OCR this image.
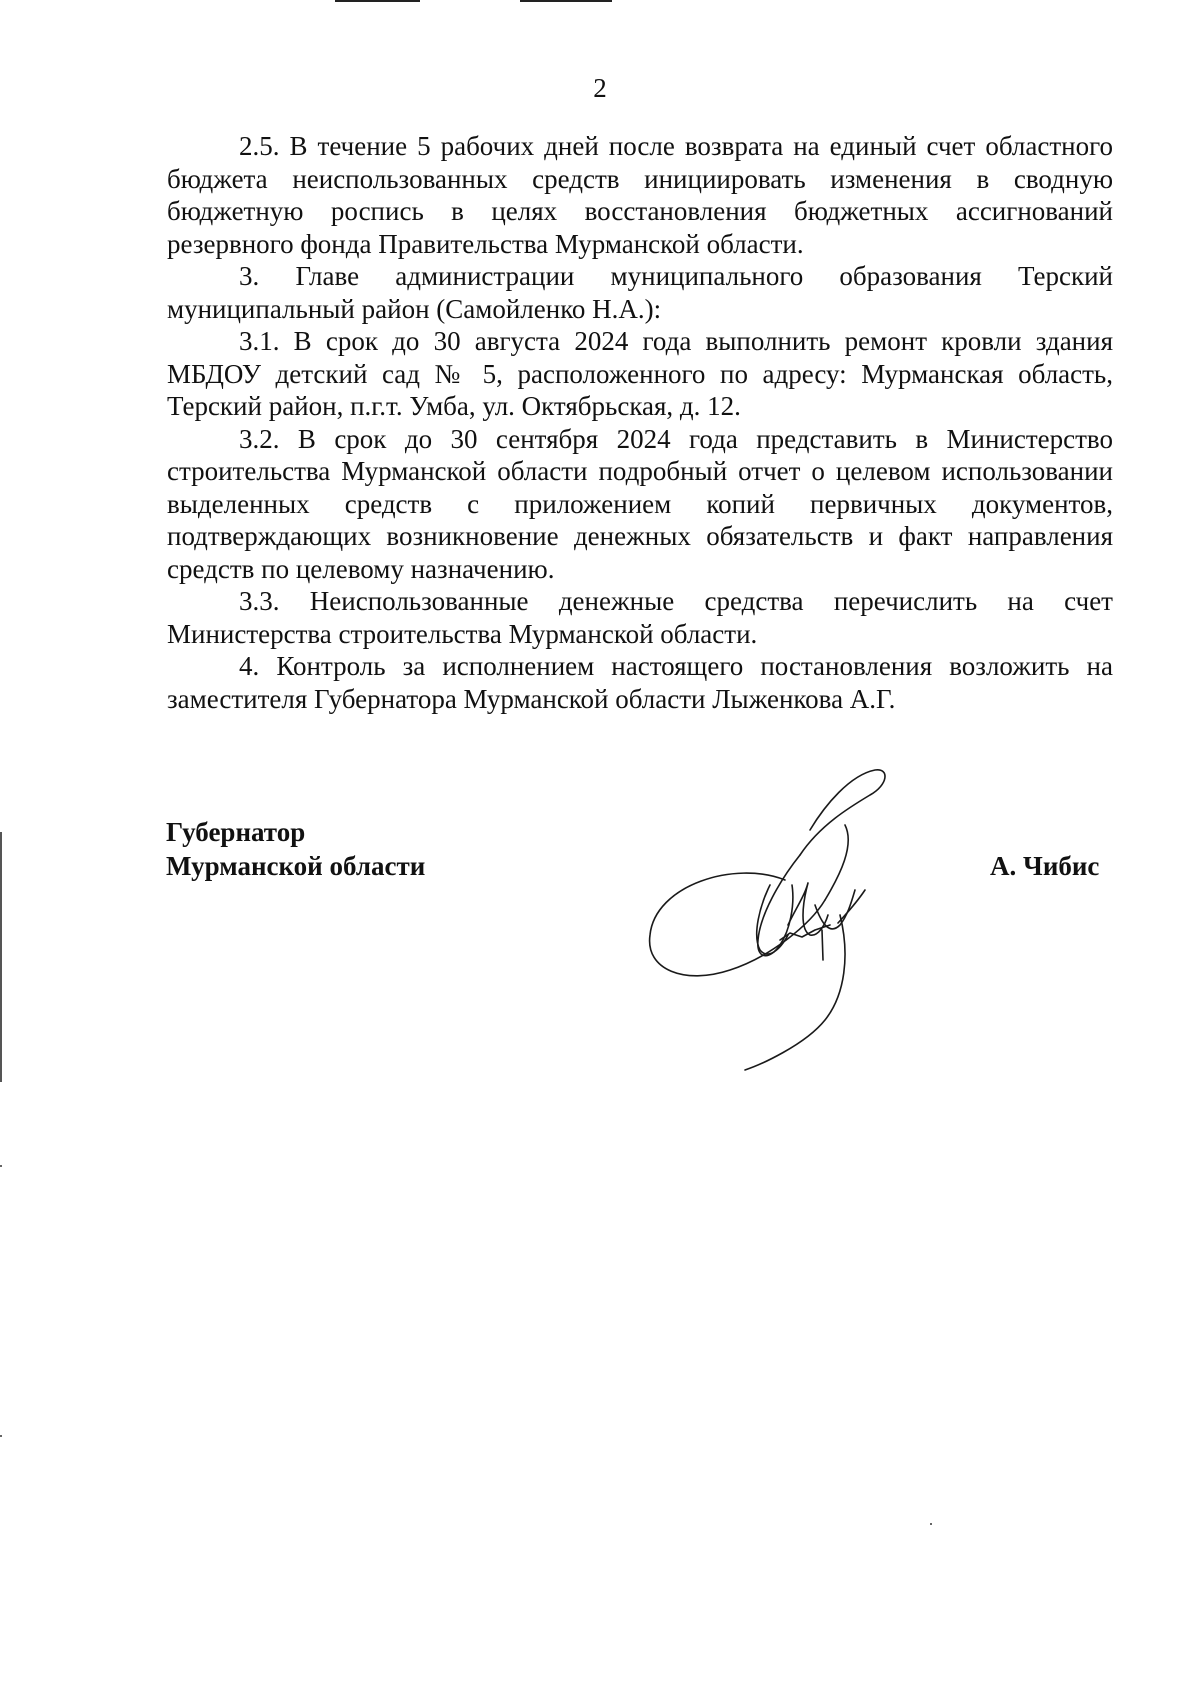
2

2.5. В течение 5 рабочих дней после возврата на единый счет областного бюджета неиспользованных средств инициировать изменения в сводную бюджетную роспись в целях восстановления бюджетных ассигнований резервного фонда Правительства Мурманской области.

3. Главе администрации муниципального образования Терский муниципальный район (Самойленко Н.А.):

3.1. В срок до 30 августа 2024 года выполнить ремонт кровли здания МБДОУ детский сад № 5, расположенного по адресу: Мурманская область, Терский район, п.г.т. Умба, ул. Октябрьская, д. 12.

3.2. В срок до 30 сентября 2024 года представить в Министерство строительства Мурманской области подробный отчет о целевом использовании выделенных средств с приложением копий первичных документов, подтверждающих возникновение денежных обязательств и факт направления средств по целевому назначению.

3.3. Неиспользованные денежные средства перечислить на счет Министерства строительства Мурманской области.

4. Контроль за исполнением настоящего постановления возложить на заместителя Губернатора Мурманской области Лыженкова А.Г.

Губернатор
Мурманской области	А. Чибис
